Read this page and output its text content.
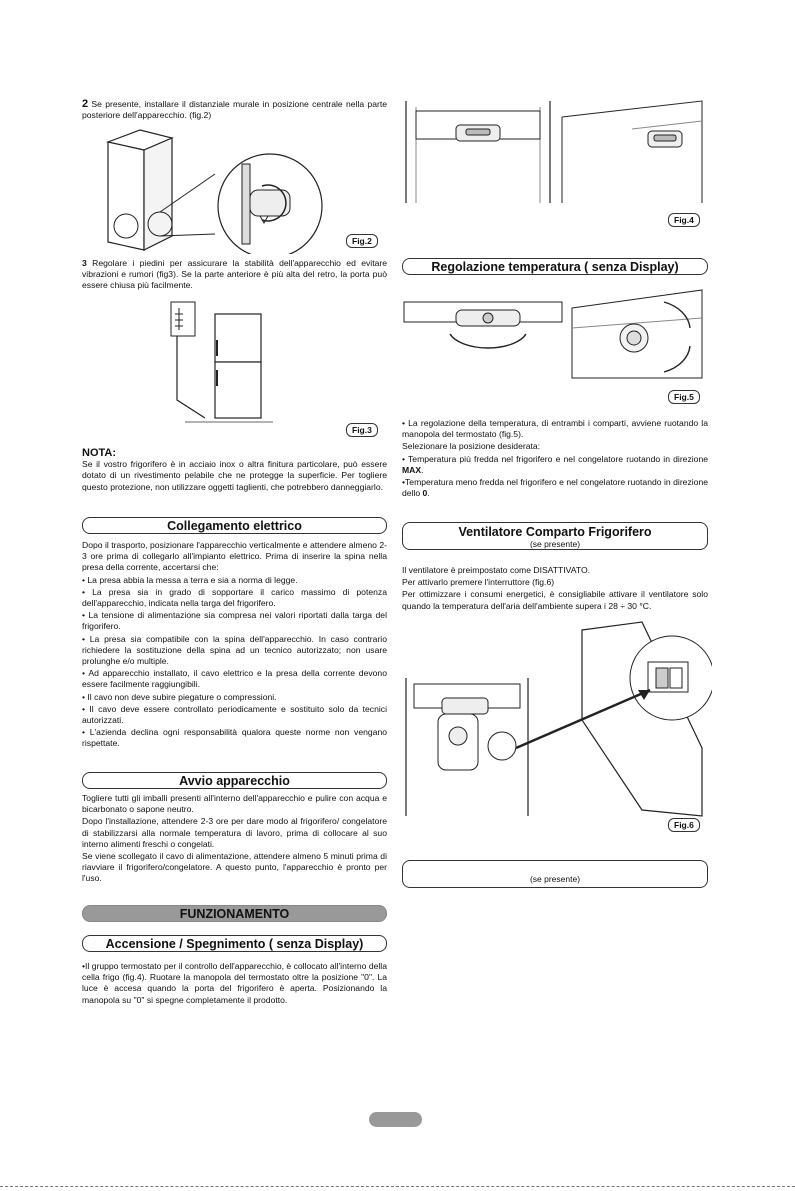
2 Se presente, installare il distanziale murale in posizione centrale nella parte posteriore dell'apparecchio. (fig.2)

Fig.2

3 Regolare i piedini per assicurare la stabilità dell'apparecchio ed evitare vibrazioni e rumori (fig3). Se la parte anteriore è più alta del retro, la porta può essere chiusa più facilmente.

Fig.3
NOTA:

Se il vostro frigorifero è in acciaio inox o altra finitura particolare, può essere dotato di un rivestimento pelabile che ne protegge la superficie. Per togliere questo protezione, non utilizzare oggetti taglienti, che potrebbero danneggiarlo.

Collegamento elettrico

Dopo il trasporto, posizionare l'apparecchio verticalmente e attendere almeno 2-3 ore prima di collegarlo all'impianto elettrico. Prima di inserire la spina nella presa della corrente, accertarsi che:

• La presa abbia la messa a terra e sia a norma di legge.

• La presa sia in grado di sopportare il carico massimo di potenza dell'apparecchio, indicata nella targa del frigorifero.

• La tensione di alimentazione sia compresa nei valori riportati dalla targa del frigorifero.

• La presa sia compatibile con la spina dell'apparecchio. In caso contrario richiedere la sostituzione della spina ad un tecnico autorizzato; non usare prolunghe e/o multiple.

• Ad apparecchio installato, il cavo elettrico e la presa della corrente devono essere facilmente raggiungibili.

• Il cavo non deve subire piegature o compressioni.

• Il cavo deve essere controllato periodicamente e sostituito solo da tecnici autorizzati.

• L'azienda declina ogni responsabilità qualora queste norme non vengano rispettate.

Avvio apparecchio

Togliere tutti gli imballi presenti all'interno dell'apparecchio e pulire con acqua e bicarbonato o sapone neutro.

Dopo l'installazione, attendere 2-3 ore per dare modo al frigorifero/ congelatore di stabilizzarsi alla normale temperatura di lavoro, prima di collocare al suo interno alimenti freschi o congelati.

Se viene scollegato il cavo di alimentazione, attendere almeno 5 minuti prima di riavviare il frigorifero/congelatore. A questo punto, l'apparecchio è pronto per l'uso.

FUNZIONAMENTO
Accensione / Spegnimento ( senza Display)

•Il gruppo termostato per il controllo dell'apparecchio, è collocato all'interno della cella frigo (fig.4). Ruotare la manopola del termostato oltre la posizione "0". La luce è accesa quando la porta del frigorifero è aperta. Posizionando la manopola su "0" si spegne completamente il prodotto.

Fig.4
Regolazione temperatura ( senza Display)
Fig.5

• La regolazione della temperatura, di entrambi i comparti, avviene ruotando la manopola del termostato (fig.5).

Selezionare la posizione desiderata:

• Temperatura più fredda nel frigorifero e nel congelatore ruotando in direzione MAX.

•Temperatura meno fredda nel frigorifero e nel congelatore ruotando in direzione dello 0.

Ventilatore Comparto Frigorifero
(se presente)

Il ventilatore è preimpostato come DISATTIVATO.

Per attivarlo premere l'interruttore (fig.6)

Per ottimizzare i consumi energetici, è consigliabile attivare il ventilatore solo quando la temperatura dell'aria dell'ambiente supera i 28 ÷ 30 °C.

Fig.6
(se presente)
